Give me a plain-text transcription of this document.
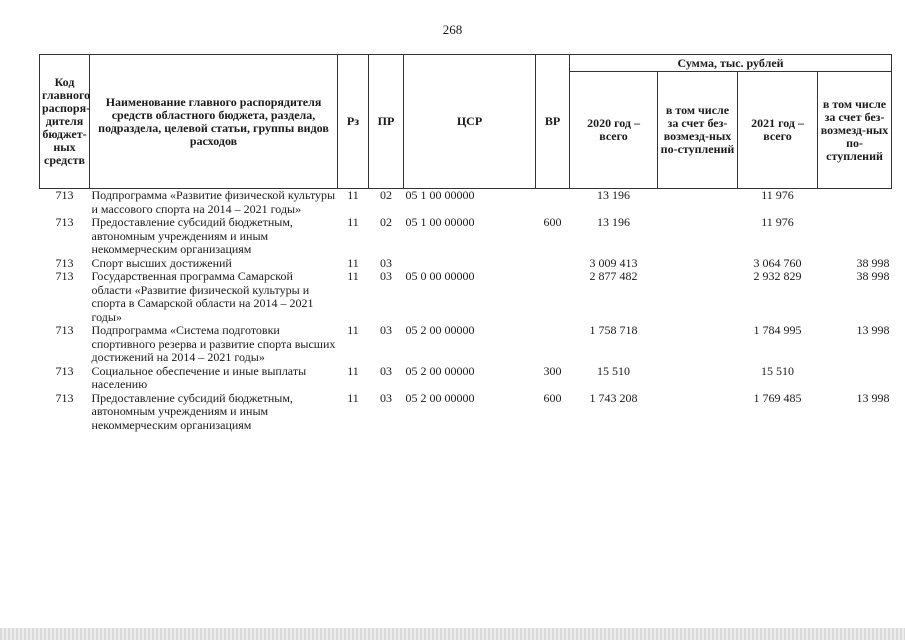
268
Код главного распоря-дителя бюджет-ных средств	Наименование главного распорядителя средств областного бюджета, раздела, подраздела, целевой статьи, группы видов расходов	Рз	ПР	ЦСР	ВР	Сумма, тыс. рублей			
						2020 год – всего	в том числе за счет без-возмезд-ных по-ступлений	2021 год – всего	в том числе за счет без-возмезд-ных по-ступлений
713	Подпрограмма «Развитие физической культуры и массового спорта на 2014 – 2021 годы»	11	02	05 1 00 00000		13 196		11 976	
713	Предоставление субсидий бюджетным, автономным учреждениям и иным некоммерческим организациям	11	02	05 1 00 00000	600	13 196		11 976	
713	Спорт высших достижений	11	03			3 009 413		3 064 760	38 998
713	Государственная программа Самарской области «Развитие физической культуры и спорта в Самарской области на 2014 – 2021 годы»	11	03	05 0 00 00000		2 877 482		2 932 829	38 998
713	Подпрограмма «Система подготовки спортивного резерва и развитие спорта высших достижений на 2014 – 2021 годы»	11	03	05 2 00 00000		1 758 718		1 784 995	13 998
713	Социальное обеспечение и иные выплаты населению	11	03	05 2 00 00000	300	15 510		15 510	
713	Предоставление субсидий бюджетным, автономным учреждениям и иным некоммерческим организациям	11	03	05 2 00 00000	600	1 743 208		1 769 485	13 998
